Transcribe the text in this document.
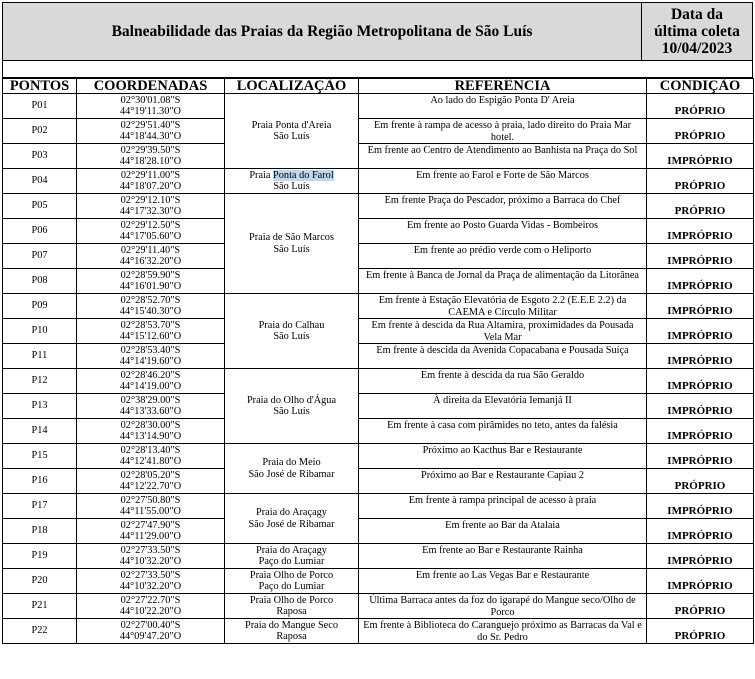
Balneabilidade das Praias da Região Metropolitana de São Luís	
Data da
última coleta
10/04/2023
PONTOS	COORDENADAS	LOCALIZAÇÃO	REFERÊNCIA	CONDIÇÃO
P01	02°30'01.08"S
44°19'11.30"O	Praia Ponta d'Areia
São Luís	Ao lado do Espigão Ponta D' Areia	PRÓPRIO
P02	02°29'51.40"S
44°18'44.30"O		Em frente à rampa de acesso à praia, lado direito do Praia Mar hotel.	PRÓPRIO
P03	02°29'39.50"S
44°18'28.10"O		Em frente ao Centro de Atendimento ao Banhista na Praça do Sol	IMPRÓPRIO
P04	02°29'11.00"S
44°18'07.20"O	Praia Ponta do Farol
São Luís	Em frente ao Farol e Forte de São Marcos	PRÓPRIO
P05	02°29'12.10"S
44°17'32.30"O	Praia de São Marcos
São Luís	Em frente Praça do Pescador, próximo a Barraca do Chef	PRÓPRIO
P06	02°29'12.50"S
44°17'05.60"O		Em frente ao Posto Guarda Vidas - Bombeiros	IMPRÓPRIO
P07	02°29'11.40"S
44°16'32.20"O		Em frente ao prédio verde com o Heliporto	IMPRÓPRIO
P08	02°28'59.90"S
44°16'01.90"O		Em frente à Banca de Jornal da Praça de alimentação da Litorânea	IMPRÓPRIO
P09	02°28'52.70"S
44°15'40.30"O	Praia do Calhau
São Luís	Em frente à Estação Elevatória de Esgoto 2.2 (E.E.E 2.2) da CAEMA e Círculo Militar	IMPRÓPRIO
P10	02°28'53.70"S
44°15'12.60"O		Em frente à descida da Rua Altamira, proximidades da Pousada Vela Mar	IMPRÓPRIO
P11	02°28'53.40"S
44°14'19.60"O		Em frente à descida da Avenida Copacabana e Pousada Suíça	IMPRÓPRIO
P12	02°28'46.20"S
44°14'19.00"O	Praia do Olho d'Água
São Luís	Em frente à descida da rua São Geraldo	IMPRÓPRIO
P13	02°38'29.00"S
44°13'33.60"O		À direita da Elevatória Iemanjá II	IMPRÓPRIO
P14	02°28'30.00"S
44°13'14.90"O		Em frente à casa com pirâmides no teto, antes da falésia	IMPRÓPRIO
P15	02°28'13.40"S
44°12'41.80"O	Praia do Meio
São José de Ribamar	Próximo ao Kacthus Bar e Restaurante	IMPRÓPRIO
P16	02°28'05.20"S
44°12'22.70"O		Próximo ao Bar e Restaurante Capiau 2	PRÓPRIO
P17	02°27'50.80"S
44°11'55.00"O	Praia do Araçagy
São José de Ribamar	Em frente à rampa principal de acesso à praia	IMPRÓPRIO
P18	02°27'47.90"S
44°11'29.00"O		Em frente ao Bar da Atalaia	IMPRÓPRIO
P19	02°27'33.50"S
44°10'32.20"O	Praia do Araçagy
Paço do Lumiar	Em frente ao Bar e Restaurante Rainha	IMPRÓPRIO
P20	02°27'33.50"S
44°10'32.20"O	Praia Olho de Porco
Paço do Lumiar	Em frente ao Las Vegas Bar e Restaurante	IMPRÓPRIO
P21	02°27'22.70"S
44°10'22.20"O	Praia Olho de Porco
Raposa	Última Barraca antes da foz do igarapé do Mangue seco/Olho de Porco	PRÓPRIO
P22	02°27'00.40"S
44°09'47.20"O	Praia do Mangue Seco
Raposa	Em frente à Biblioteca do Caranguejo próximo as Barracas da Val e do Sr. Pedro	PRÓPRIO
